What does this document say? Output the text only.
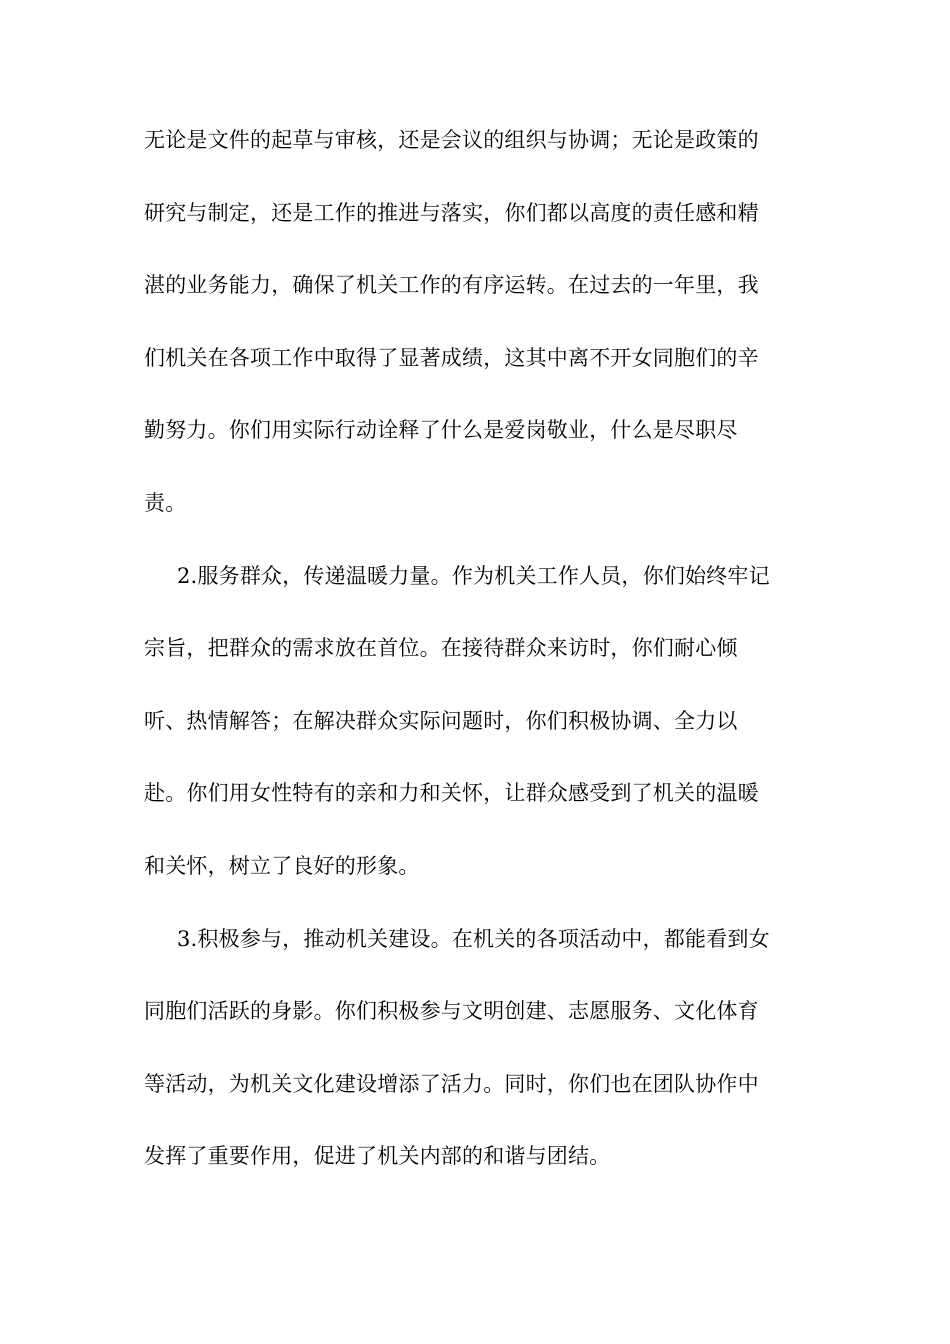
无论是文件的起草与审核，还是会议的组织与协调；无论是政策的
研究与制定，还是工作的推进与落实，你们都以高度的责任感和精
湛的业务能力，确保了机关工作的有序运转。在过去的一年里，我
们机关在各项工作中取得了显著成绩，这其中离不开女同胞们的辛
勤努力。你们用实际行动诠释了什么是爱岗敬业，什么是尽职尽
责。
2.服务群众，传递温暖力量。作为机关工作人员，你们始终牢记
宗旨，把群众的需求放在首位。在接待群众来访时，你们耐心倾
听、热情解答；在解决群众实际问题时，你们积极协调、全力以
赴。你们用女性特有的亲和力和关怀，让群众感受到了机关的温暖
和关怀，树立了良好的形象。
3.积极参与，推动机关建设。在机关的各项活动中，都能看到女
同胞们活跃的身影。你们积极参与文明创建、志愿服务、文化体育
等活动，为机关文化建设增添了活力。同时，你们也在团队协作中
发挥了重要作用，促进了机关内部的和谐与团结。
